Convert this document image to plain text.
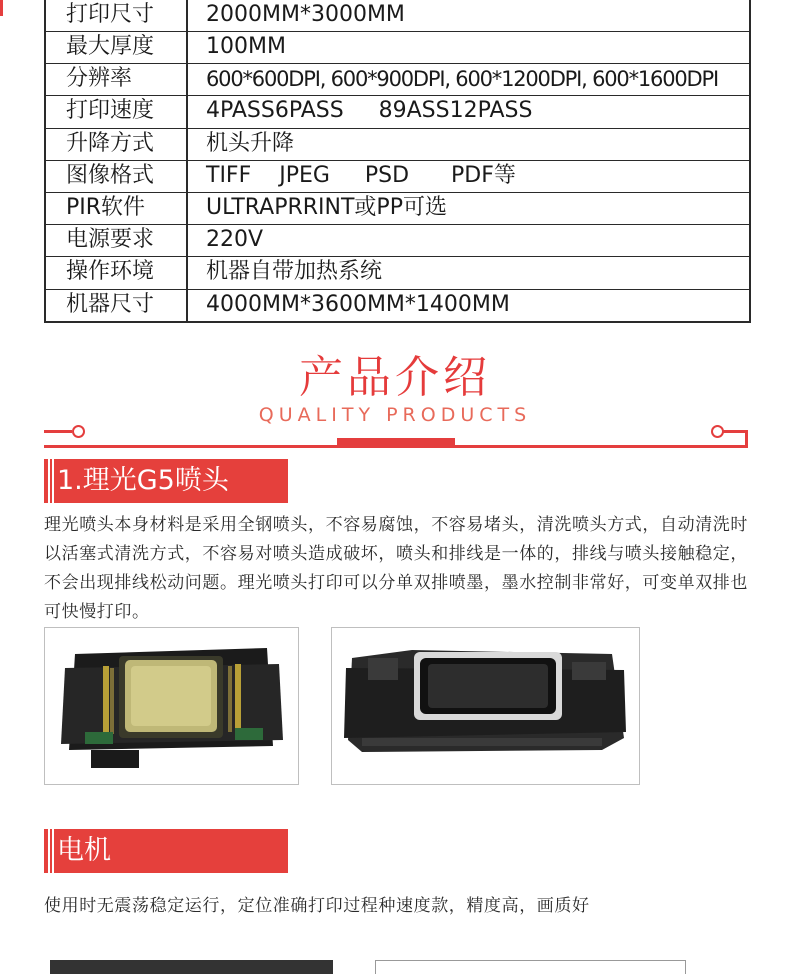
打印尺寸	2000MM*3000MM
最大厚度	100MM
分辨率	600*600DPI, 600*900DPI, 600*1200DPI, 600*1600DPI
打印速度	4PASS6PASS     89ASS12PASS
升降方式	机头升降
图像格式	TIFF    JPEG     PSD      PDF等
PIR软件	ULTRAPRRINT或PP可选
电源要求	220V
操作环境	机器自带加热系统
机器尺寸	4000MM*3600MM*1400MM
产品介绍
QUALITY PRODUCTS
1.理光G5喷头
理光喷头本身材料是采用全钢喷头，不容易腐蚀，不容易堵头，清洗喷头方式，自动清洗时以活塞式清洗方式，不容易对喷头造成破坏，喷头和排线是一体的，排线与喷头接触稳定，不会出现排线松动问题。理光喷头打印可以分单双排喷墨，墨水控制非常好，可变单双排也可快慢打印。
电机
使用时无震荡稳定运行，定位准确打印过程种速度款，精度高，画质好
